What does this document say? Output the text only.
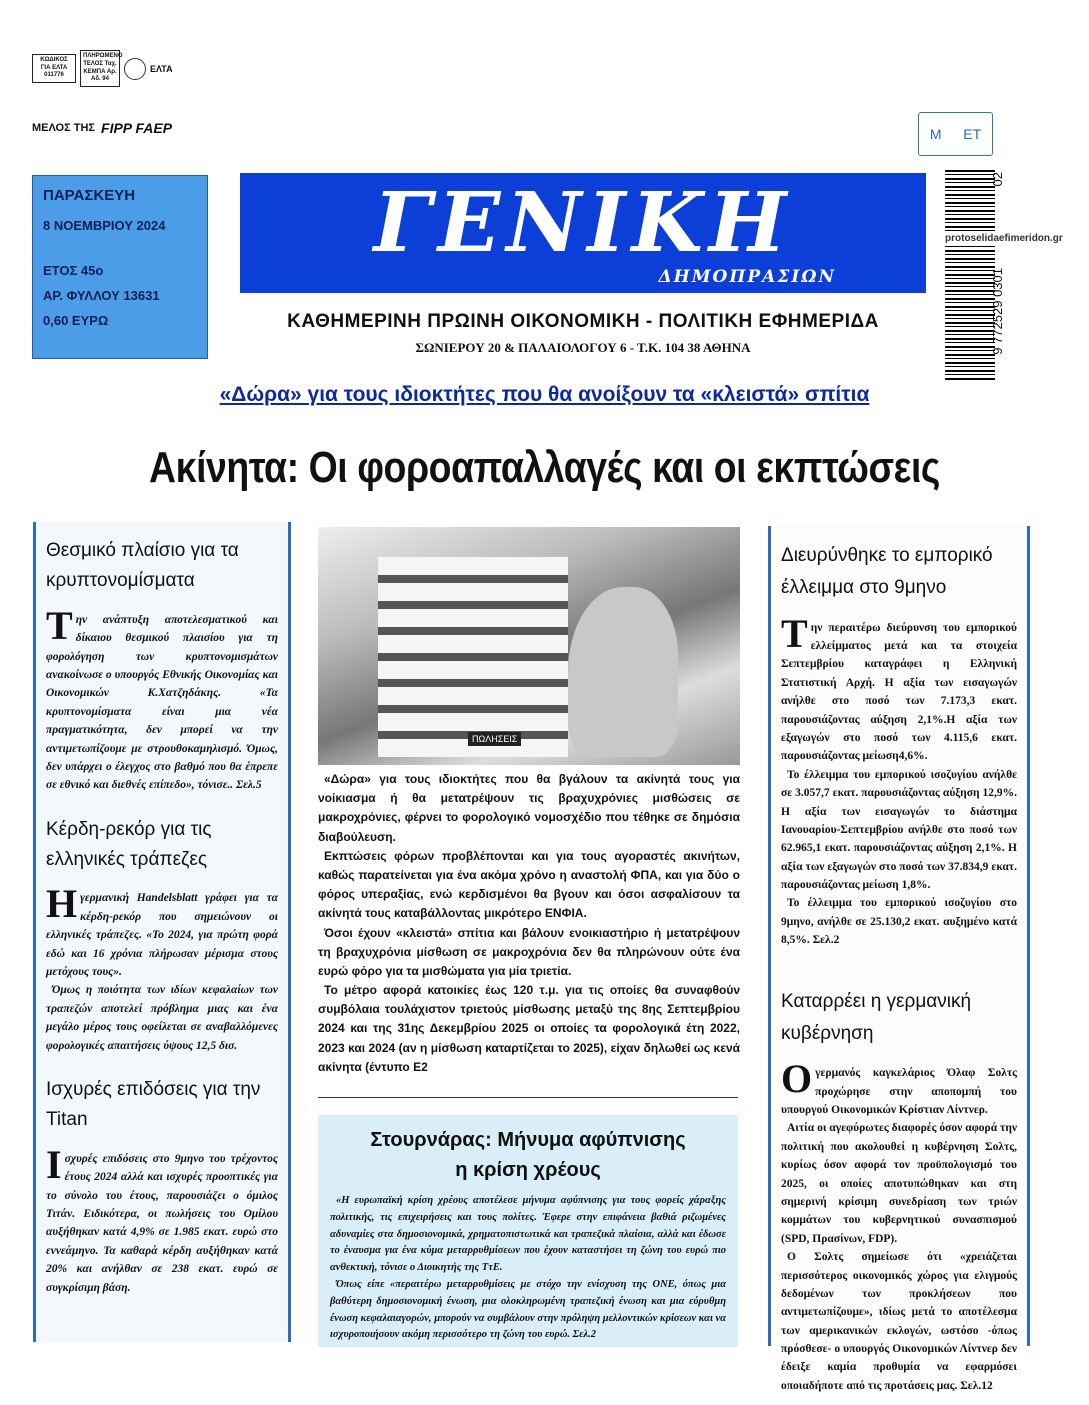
ΚΩΔΙΚΟΣ ΓΙΑ ΕΛΤΑ 011776
ΠΛΗΡΩΜΕΝΟ ΤΕΛΟΣ Ταχ. ΚΕΜΠΑ Αρ. Αδ. 94
ΕΛΤΑ
ΜΕΛΟΣ ΤΗΣ FIPP FAEP
ΠΑΡΑΣΚΕΥΗ
8 ΝΟΕΜΒΡΙΟΥ 2024
ΕΤΟΣ 45ο
ΑΡ. ΦΥΛΛΟΥ 13631
0,60 ΕΥΡΩ
ΓΕΝΙΚΗ
ΔΗΜΟΠΡΑΣΙΩΝ
ΚΑΘΗΜΕΡΙΝΗ ΠΡΩΙΝΗ ΟΙΚΟΝΟΜΙΚΗ - ΠΟΛΙΤΙΚΗ ΕΦΗΜΕΡΙΔΑ
ΣΩΝΙΕΡΟΥ 20 & ΠΑΛΑΙΟΛΟΓΟΥ 6 - Τ.Κ. 104 38 ΑΘΗΝΑ
Μ ΕΤ
9 772529 0301
02
protoselidaefimeridon.gr
«Δώρα» για τους ιδιοκτήτες που θα ανοίξουν τα «κλειστά» σπίτια
Ακίνητα: Οι φοροαπαλλαγές και οι εκπτώσεις
Θεσμικό πλαίσιο για τα κρυπτονομίσματα
Την ανάπτυξη αποτελεσματικού και δίκαιου θεσμικού πλαισίου για τη φορολόγηση των κρυπτονομισμάτων ανακοίνωσε ο υπουργός Εθνικής Οικονομίας και Οικονομικών Κ.Χατζηδάκης. «Τα κρυπτονομίσματα είναι μια νέα πραγματικότητα, δεν μπορεί να την αντιμετωπίζουμε με στρουθοκαμηλισμό. Όμως, δεν υπάρχει ο έλεγχος στο βαθμό που θα έπρεπε σε εθνικό και διεθνές επίπεδο», τόνισε.. Σελ.5
Κέρδη-ρεκόρ για τις ελληνικές τράπεζες
Η γερμανική Handelsblatt γράφει για τα κέρδη-ρεκόρ που σημειώνουν οι ελληνικές τράπεζες. «Το 2024, για πρώτη φορά εδώ και 16 χρόνια πλήρωσαν μέρισμα στους μετόχους τους».

Όμως η ποιότητα των ιδίων κεφαλαίων των τραπεζών αποτελεί πρόβλημα μιας και ένα μεγάλο μέρος τους οφείλεται σε αναβαλλόμενες φορολογικές απαιτήσεις ύψους 12,5 δισ.

Ισχυρές επιδόσεις για την Titan
Ισχυρές επιδόσεις στο 9μηνο του τρέχοντος έτους 2024 αλλά και ισχυρές προοπτικές για το σύνολο του έτους, παρουσιάζει ο όμιλος Τιτάν. Ειδικότερα, οι πωλήσεις του Ομίλου αυξήθηκαν κατά 4,9% σε 1.985 εκατ. ευρώ στο εννεάμηνο. Τα καθαρά κέρδη αυξήθηκαν κατά 20% και ανήλθαν σε 238 εκατ. ευρώ σε συγκρίσιμη βάση.
ΠΩΛΗΣΕΙΣ

«Δώρα» για τους ιδιοκτήτες που θα βγάλουν τα ακίνητά τους για νοίκιασμα ή θα μετατρέψουν τις βραχυχρόνιες μισθώσεις σε μακροχρόνιες, φέρνει το φορολογικό νομοσχέδιο που τέθηκε σε δημόσια διαβούλευση.

Εκπτώσεις φόρων προβλέπονται και για τους αγοραστές ακινήτων, καθώς παρατείνεται για ένα ακόμα χρόνο η αναστολή ΦΠΑ, και για δύο ο φόρος υπεραξίας, ενώ κερδισμένοι θα βγουν και όσοι ασφαλίσουν τα ακίνητά τους καταβάλλοντας μικρότερο ΕΝΦΙΑ.

Όσοι έχουν «κλειστά» σπίτια και βάλουν ενοικιαστήριο ή μετατρέψουν τη βραχυχρόνια μίσθωση σε μακροχρόνια δεν θα πληρώνουν ούτε ένα ευρώ φόρο για τα μισθώματα για μία τριετία.

Το μέτρο αφορά κατοικίες έως 120 τ.μ. για τις οποίες θα συναφθούν συμβόλαια τουλάχιστον τριετούς μίσθωσης μεταξύ της 8ης Σεπτεμβρίου 2024 και της 31ης Δεκεμβρίου 2025 οι οποίες τα φορολογικά έτη 2022, 2023 και 2024 (αν η μίσθωση καταρτίζεται το 2025), είχαν δηλωθεί ως κενά ακίνητα (έντυπο Ε2

Στουρνάρας: Μήνυμα αφύπνισης
η κρίση χρέους

«Η ευρωπαϊκή κρίση χρέους αποτέλεσε μήνυμα αφύπνισης για τους φορείς χάραξης πολιτικής, τις επιχειρήσεις και τους πολίτες. Έφερε στην επιφάνεια βαθιά ριζωμένες αδυναμίες στα δημοσιονομικά, χρηματοπιστωτικά και τραπεζικά πλαίσια, αλλά και έδωσε το έναυσμα για ένα κύμα μεταρρυθμίσεων που έχουν καταστήσει τη ζώνη του ευρώ πιο ανθεκτική, τόνισε ο Διοικητής της ΤτΕ.

Όπως είπε «περαιτέρω μεταρρυθμίσεις με στόχο την ενίσχυση της ΟΝΕ, όπως μια βαθύτερη δημοσιονομική ένωση, μια ολοκληρωμένη τραπεζική ένωση και μια εύρυθμη ένωση κεφαλαιαγορών, μπορούν να συμβάλουν στην πρόληψη μελλοντικών κρίσεων και να ισχυροποιήσουν ακόμη περισσότερο τη ζώνη του ευρώ. Σελ.2

Διευρύνθηκε το εμπορικό έλλειμμα στο 9μηνο
Την περαιτέρω διεύρυνση του εμπορικού ελλείμματος μετά και τα στοιχεία Σεπτεμβρίου καταγράφει η Ελληνική Στατιστική Αρχή. Η αξία των εισαγωγών ανήλθε στο ποσό των 7.173,3 εκατ. παρουσιάζοντας αύξηση 2,1%.Η αξία των εξαγωγών στο ποσό των 4.115,6 εκατ. παρουσιάζοντας μείωση4,6%.

Το έλλειμμα του εμπορικού ισοζυγίου ανήλθε σε 3.057,7 εκατ. παρουσιάζοντας αύξηση 12,9%. Η αξία των εισαγωγών το διάστημα Ιανουαρίου-Σεπτεμβρίου ανήλθε στο ποσό των 62.965,1 εκατ. παρουσιάζοντας αύξηση 2,1%. Η αξία των εξαγωγών στο ποσό των 37.834,9 εκατ. παρουσιάζοντας μείωση 1,8%.

Το έλλειμμα του εμπορικού ισοζυγίου στο 9μηνο, ανήλθε σε 25.130,2 εκατ. αυξημένο κατά 8,5%. Σελ.2

Καταρρέει η γερμανική κυβέρνηση
Ο γερμανός καγκελάριος Όλαφ Σολτς προχώρησε στην αποπομπή του υπουργού Οικονομικών Κρίστιαν Λίντνερ.

Αιτία οι αγεφύρωτες διαφορές όσον αφορά την πολιτική που ακολουθεί η κυβέρνηση Σολτς, κυρίως όσον αφορά τον προϋπολογισμό του 2025, οι οποίες αποτυπώθηκαν και στη σημερινή κρίσιμη συνεδρίαση των τριών κομμάτων του κυβερνητικού συνασπισμού (SPD, Πρασίνων, FDP).

Ο Σολτς σημείωσε ότι «χρειάζεται περισσότερος οικονομικός χώρος για ελιγμούς δεδομένων των προκλήσεων που αντιμετωπίζουμε», ιδίως μετά το αποτέλεσμα των αμερικανικών εκλογών, ωστόσο -όπως πρόσθεσε- ο υπουργός Οικονομικών Λίντνερ δεν έδειξε καμία προθυμία να εφαρμόσει οποιαδήποτε από τις προτάσεις μας. Σελ.12
